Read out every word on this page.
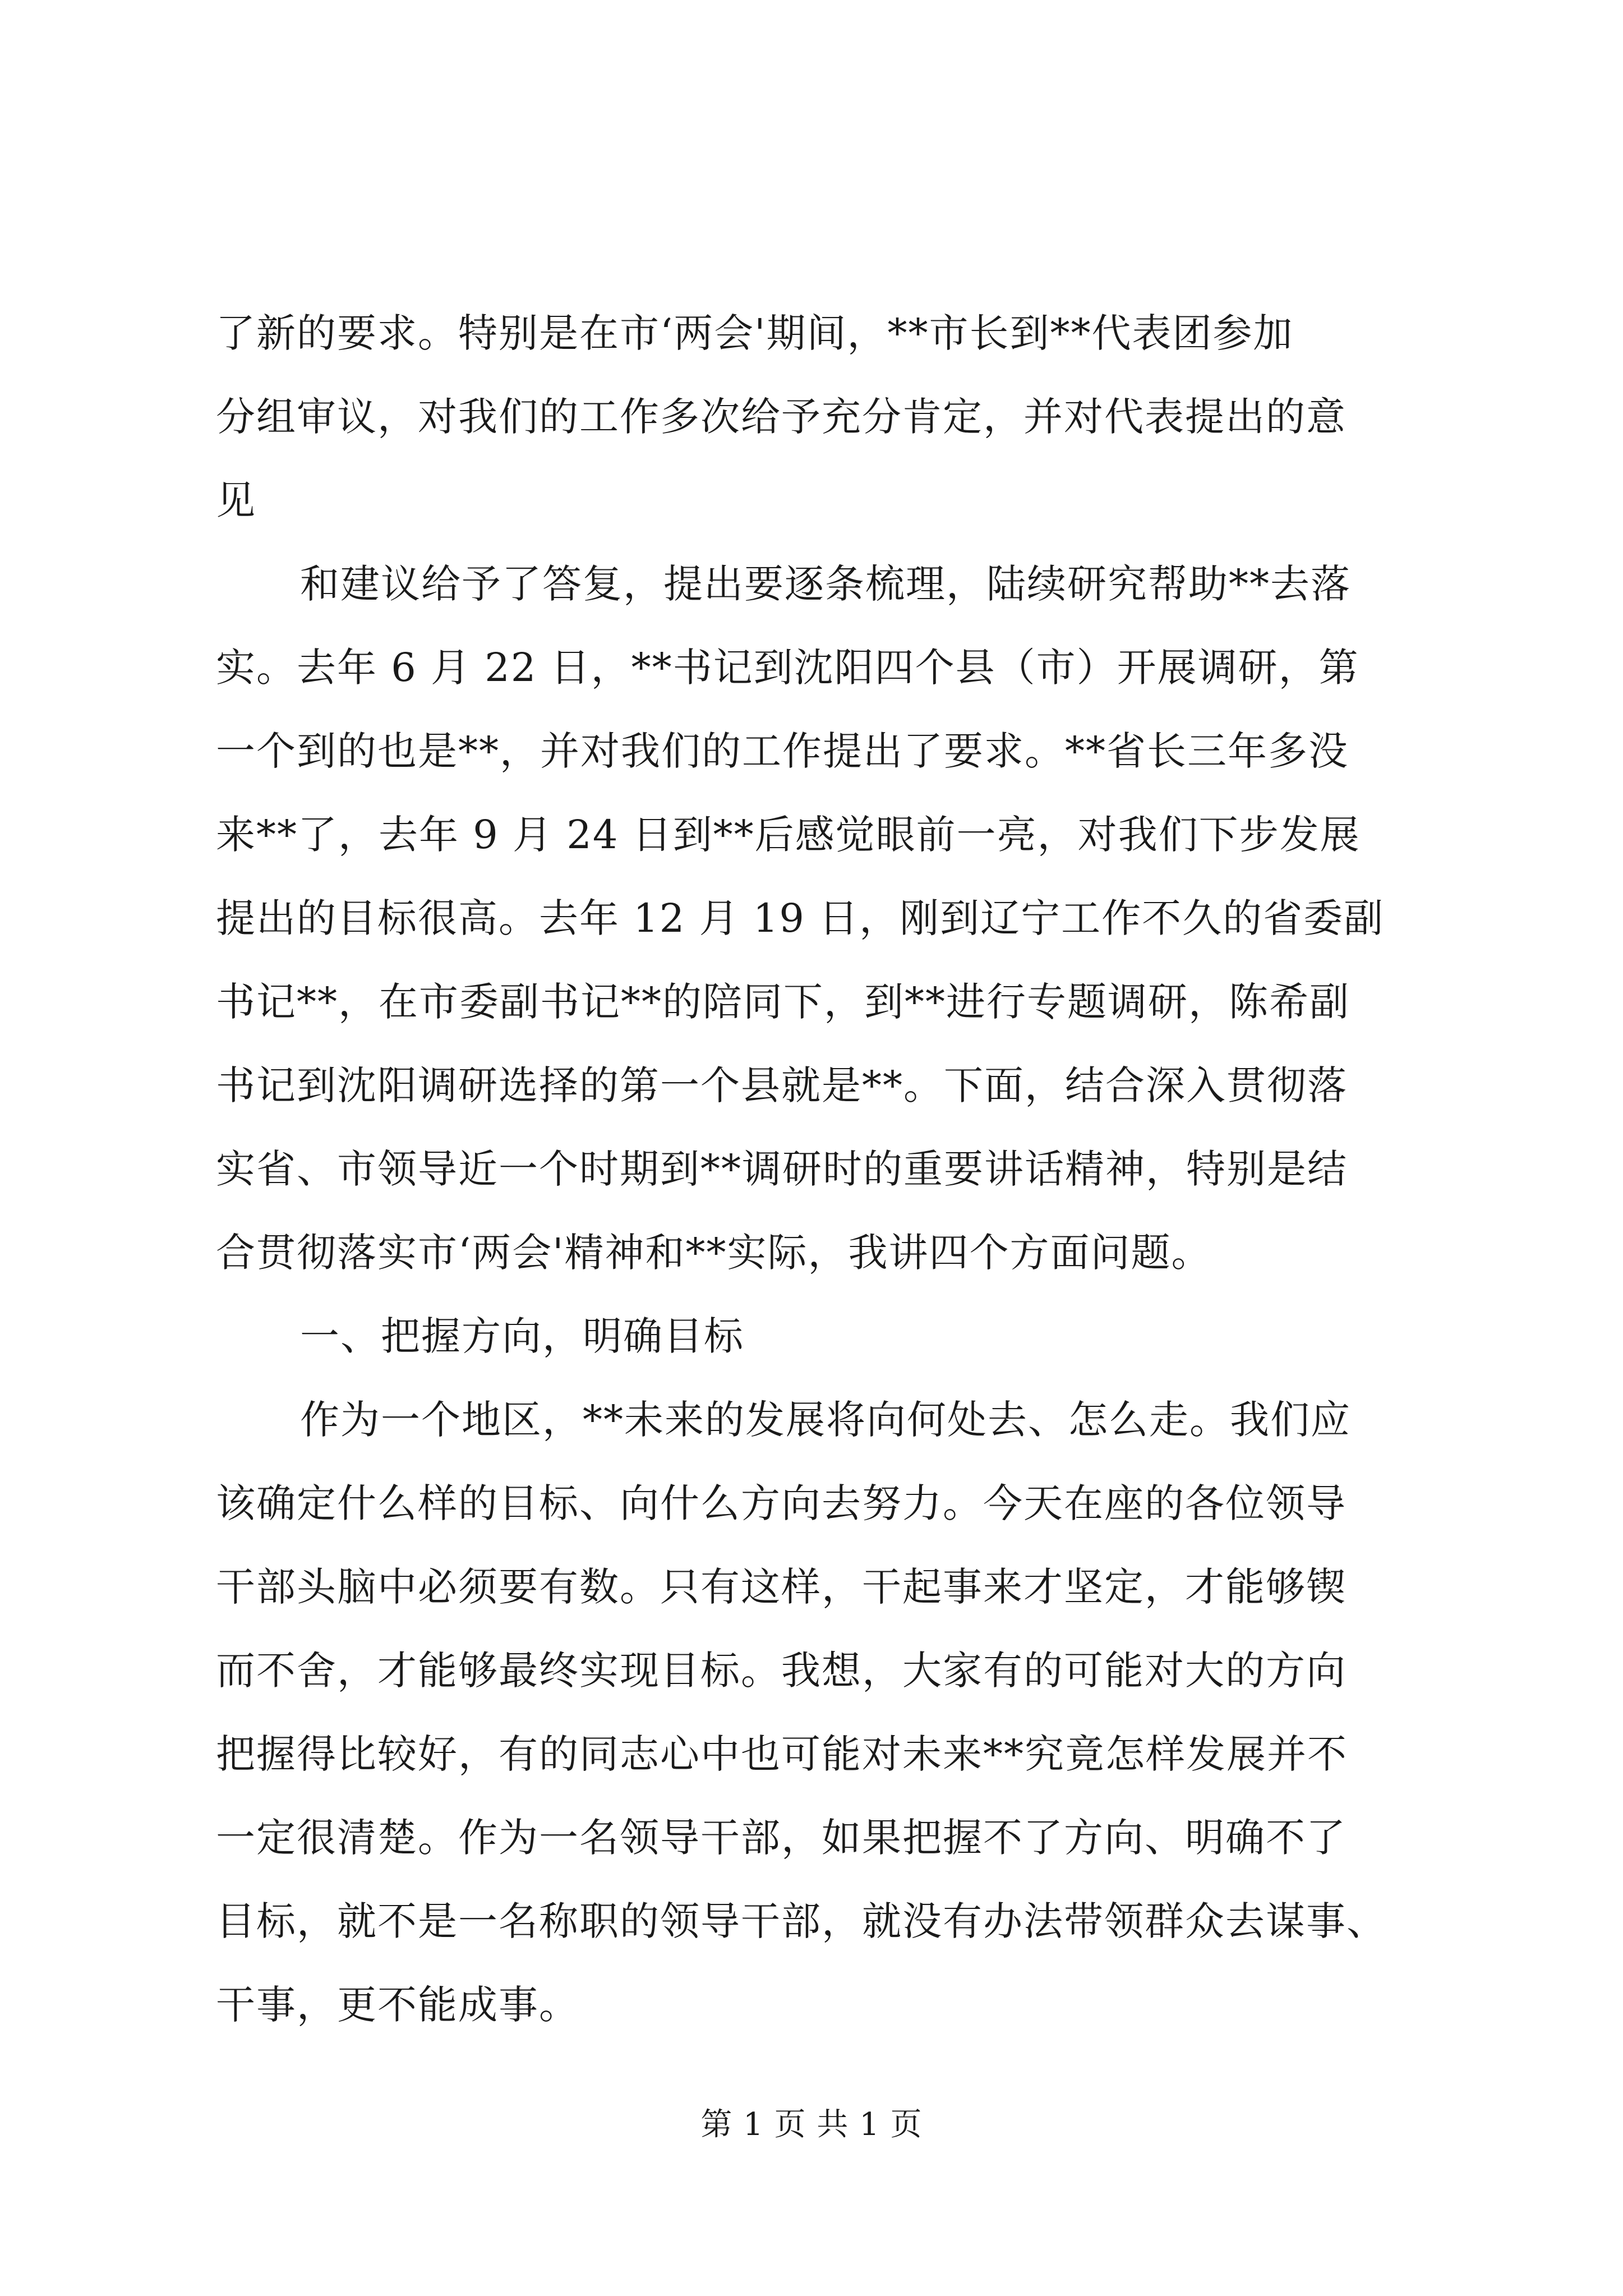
了新的要求。特别是在市‘两会'期间，**市长到**代表团参加
分组审议，对我们的工作多次给予充分肯定，并对代表提出的意
见
和建议给予了答复，提出要逐条梳理，陆续研究帮助**去落
实。去年 6 月 22 日，**书记到沈阳四个县（市）开展调研，第
一个到的也是**，并对我们的工作提出了要求。**省长三年多没
来**了，去年 9 月 24 日到**后感觉眼前一亮，对我们下步发展
提出的目标很高。去年 12 月 19 日，刚到辽宁工作不久的省委副
书记**，在市委副书记**的陪同下，到**进行专题调研，陈希副
书记到沈阳调研选择的第一个县就是**。下面，结合深入贯彻落
实省、市领导近一个时期到**调研时的重要讲话精神，特别是结
合贯彻落实市‘两会'精神和**实际，我讲四个方面问题。
一、把握方向，明确目标
作为一个地区，**未来的发展将向何处去、怎么走。我们应
该确定什么样的目标、向什么方向去努力。今天在座的各位领导
干部头脑中必须要有数。只有这样，干起事来才坚定，才能够锲
而不舍，才能够最终实现目标。我想，大家有的可能对大的方向
把握得比较好，有的同志心中也可能对未来**究竟怎样发展并不
一定很清楚。作为一名领导干部，如果把握不了方向、明确不了
目标，就不是一名称职的领导干部，就没有办法带领群众去谋事、
干事，更不能成事。
第 1 页 共 1 页
